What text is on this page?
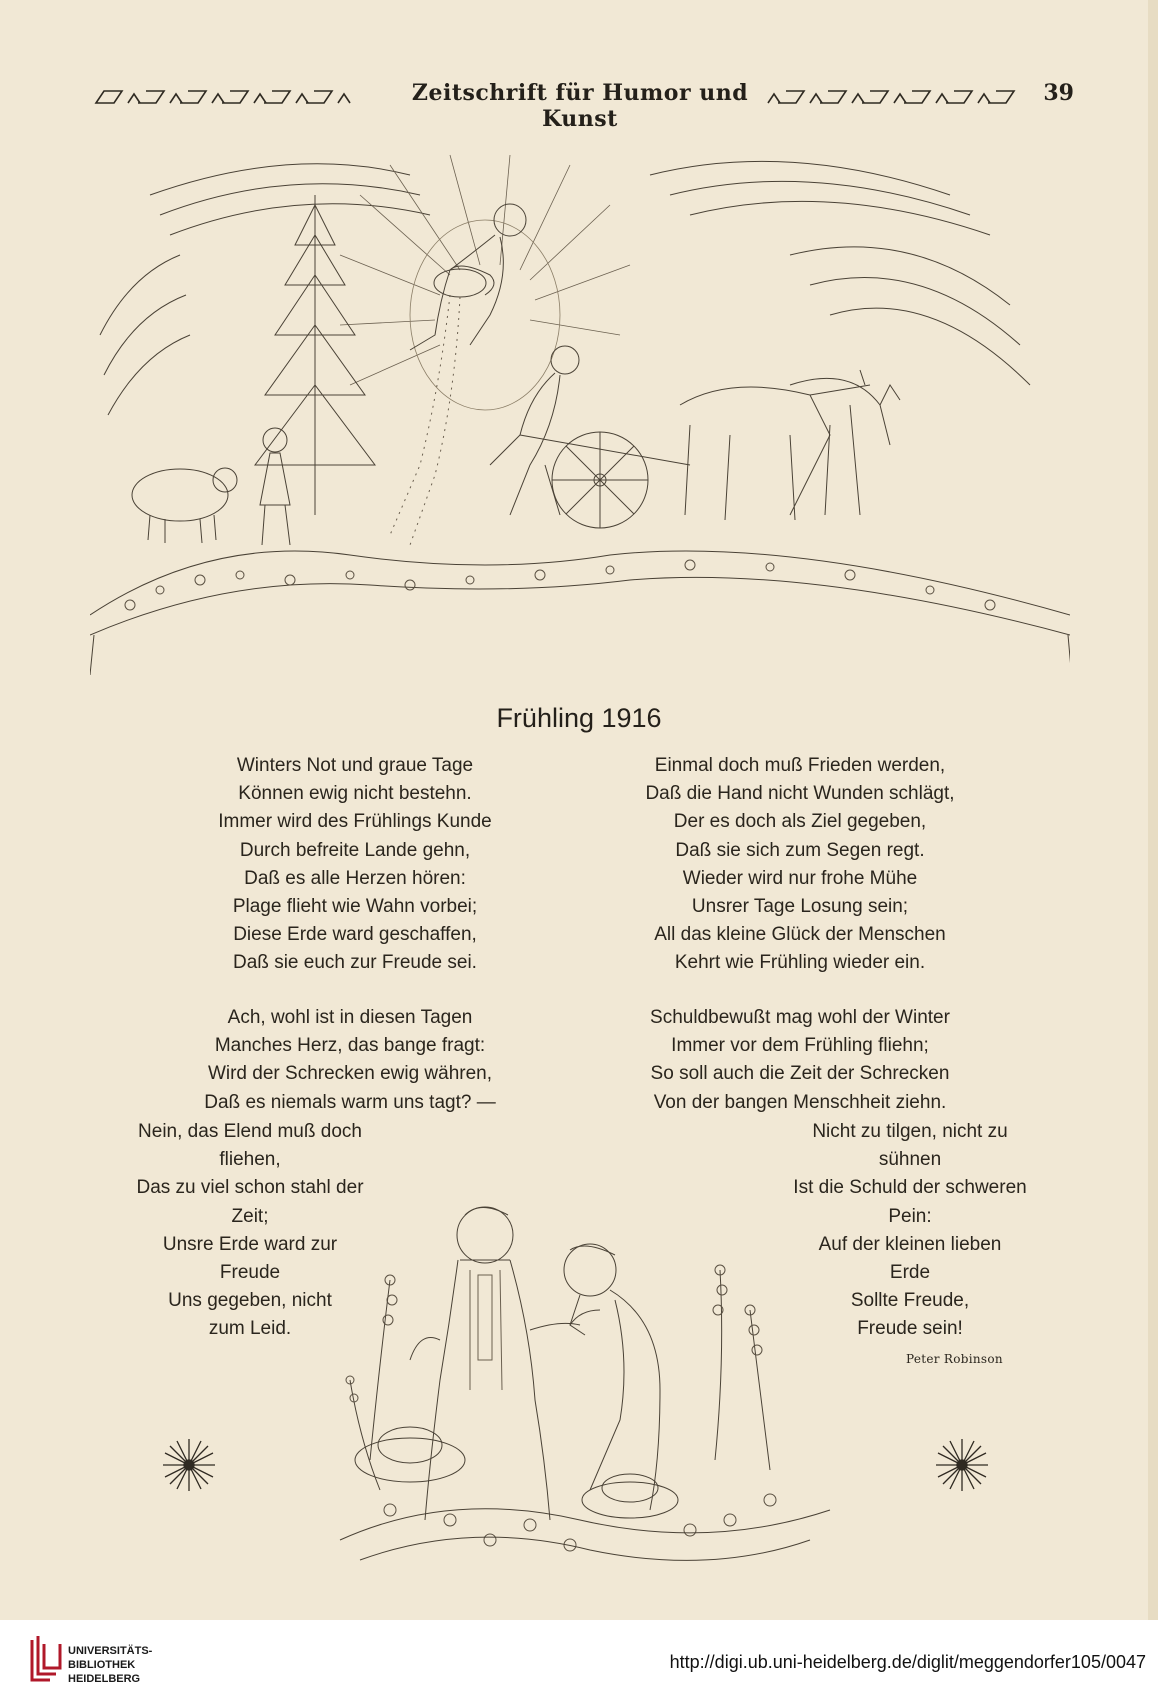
Zeitschrift für Humor und Kunst
39
Frühling 1916
Winters Not und graue Tage
Können ewig nicht bestehn.
Immer wird des Frühlings Kunde
Durch befreite Lande gehn,
Daß es alle Herzen hören:
Plage flieht wie Wahn vorbei;
Diese Erde ward geschaffen,
Daß sie euch zur Freude sei.
Einmal doch muß Frieden werden,
Daß die Hand nicht Wunden schlägt,
Der es doch als Ziel gegeben,
Daß sie sich zum Segen regt.
Wieder wird nur frohe Mühe
Unsrer Tage Losung sein;
All das kleine Glück der Menschen
Kehrt wie Frühling wieder ein.
Ach, wohl ist in diesen Tagen
Manches Herz, das bange fragt:
Wird der Schrecken ewig währen,
Daß es niemals warm uns tagt? —
Schuldbewußt mag wohl der Winter
Immer vor dem Frühling fliehn;
So soll auch die Zeit der Schrecken
Von der bangen Menschheit ziehn.
Nein, das Elend muß doch
fliehen,
Das zu viel schon stahl der
Zeit;
Unsre Erde ward zur
Freude
Uns gegeben, nicht
zum Leid.
Nicht zu tilgen, nicht zu
sühnen
Ist die Schuld der schweren
Pein:
Auf der kleinen lieben
Erde
Sollte Freude,
Freude sein!
Peter Robinson
UNIVERSITÄTS-
BIBLIOTHEK
HEIDELBERG
http://digi.ub.uni-heidelberg.de/diglit/meggendorfer105/0047
